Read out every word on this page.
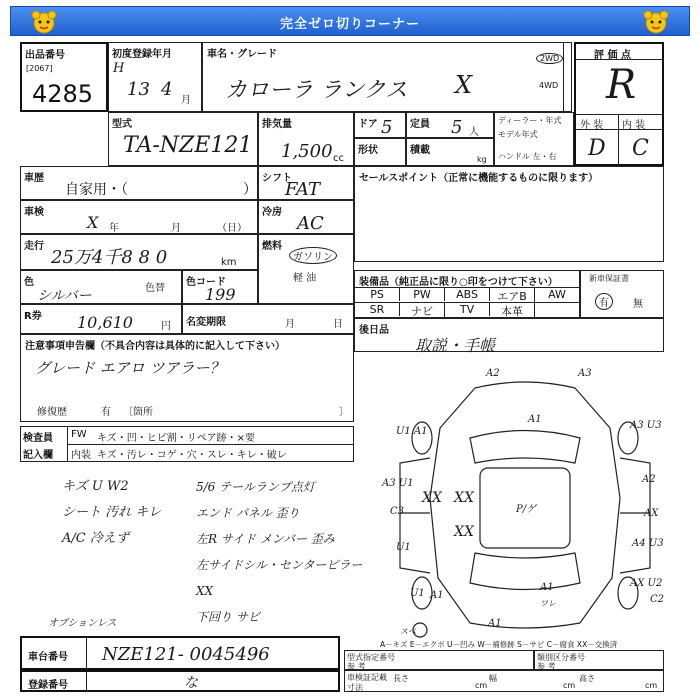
完全ゼロ切りコーナー
出品番号
[2067]
4285
初度登録年月
H
13 4
月
車名・グレード
カローラ ランクス X
2WD
4WD
評 価 点
R
外 装 内 装
D C
型式
TA-NZE121
排気量
1,500 cc
ドア 5 定員 5 人
ディーラー・年式
モデル年式
ハンドル 左・右
形状	積載
kg
車歴
自家用・（	）
シフト
FAT
セールスポイント（正常に機能するものに限ります）
車検
Ⅹ 年	月	（日）
冷房
AC
走行
25万4千8 8 0	km
燃料
ガソリン
軽 油
色
シルバー	色替
色コード
199
装備品（純正品に限り○印をつけて下さい）
PS	PW	ABS	エアB	AW
SR	ナビ	TV	本革
新車保証書
有	無
R券 10,610	円 名変期限	月	日
後日品
取説・手帳
注意事項申告欄（不具合内容は具体的に記入して下さい）
グレード エアロ ツアラー？
修復歴	有 〔箇所	〕
検査員
記入欄
FW キズ・凹・ヒビ割・リペア跡・×要
内装 キズ・汚レ・コゲ・穴・スレ・キレ・破レ
キズ U W2
シート 汚れ キレ
A/C 冷えず
5/6 テールランプ点灯
エンド パネル 歪り
左R サイド メンバー 歪み
左サイドシル・センターピラーXX
下回り サビ
オプションレス
A2	A3
A1
U1 A1
A3 U1
C3
U1
A3 U3
A2
AX
A4 U3
AX U2
C2
XX XX
XX
P/ゲ
A1
A1
ワレ
U1 A1
スペ
A－キズ E－エクボ U－凹み W－補修跡 S－サビ C－腐食 XX－交換済
車台番号 NZE121- 0045496
登録番号	な
型式指定番号
参 考
類別区分番号
参 考
車検証記載
寸法
長さ
cm
幅
cm
高さ
cm
